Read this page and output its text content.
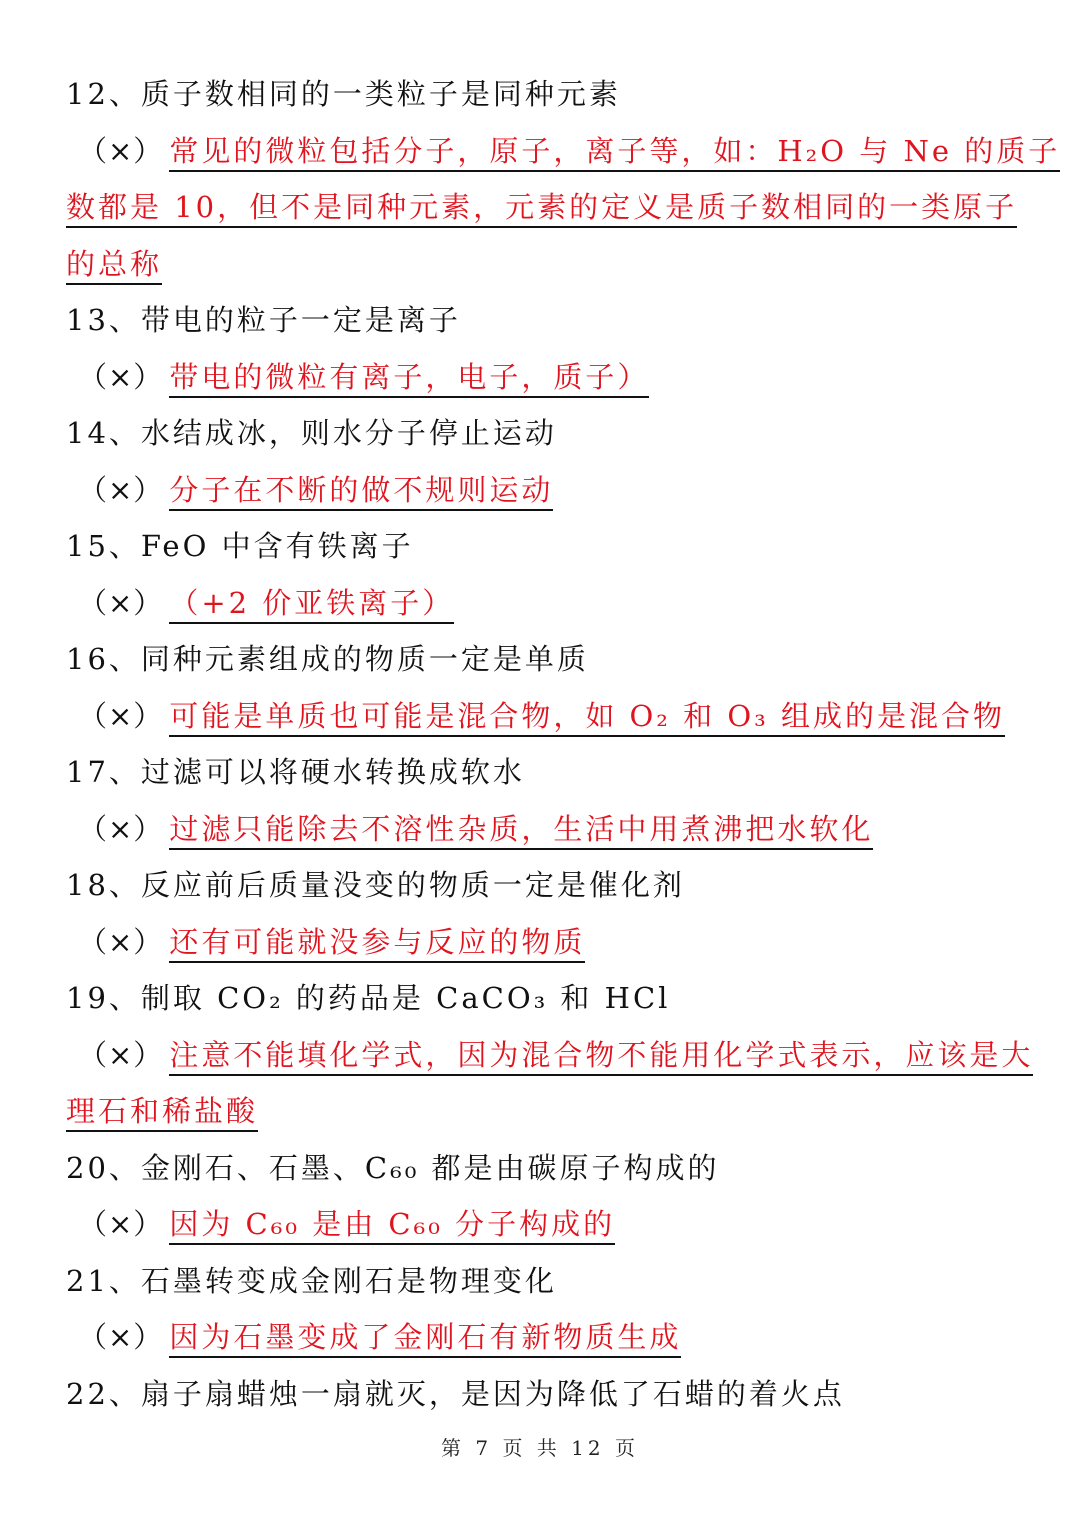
12、质子数相同的一类粒子是同种元素
（×） 常见的微粒包括分子，原子，离子等，如：H₂O 与 Ne 的质子
数都是 10，但不是同种元素，元素的定义是质子数相同的一类原子
的总称
13、带电的粒子一定是离子
（×） 带电的微粒有离子，电子，质子）
14、水结成冰，则水分子停止运动
（×） 分子在不断的做不规则运动
15、FeO 中含有铁离子
（×） （+2 价亚铁离子）
16、同种元素组成的物质一定是单质
（×） 可能是单质也可能是混合物，如 O₂ 和 O₃ 组成的是混合物
17、过滤可以将硬水转换成软水
（×） 过滤只能除去不溶性杂质，生活中用煮沸把水软化
18、反应前后质量没变的物质一定是催化剂
（×） 还有可能就没参与反应的物质
19、制取 CO₂ 的药品是 CaCO₃ 和 HCl
（×） 注意不能填化学式，因为混合物不能用化学式表示，应该是大
理石和稀盐酸
20、金刚石、石墨、C₆₀ 都是由碳原子构成的
（×） 因为 C₆₀ 是由 C₆₀ 分子构成的
21、石墨转变成金刚石是物理变化
（×） 因为石墨变成了金刚石有新物质生成
22、扇子扇蜡烛一扇就灭，是因为降低了石蜡的着火点
第 7 页 共 12 页
